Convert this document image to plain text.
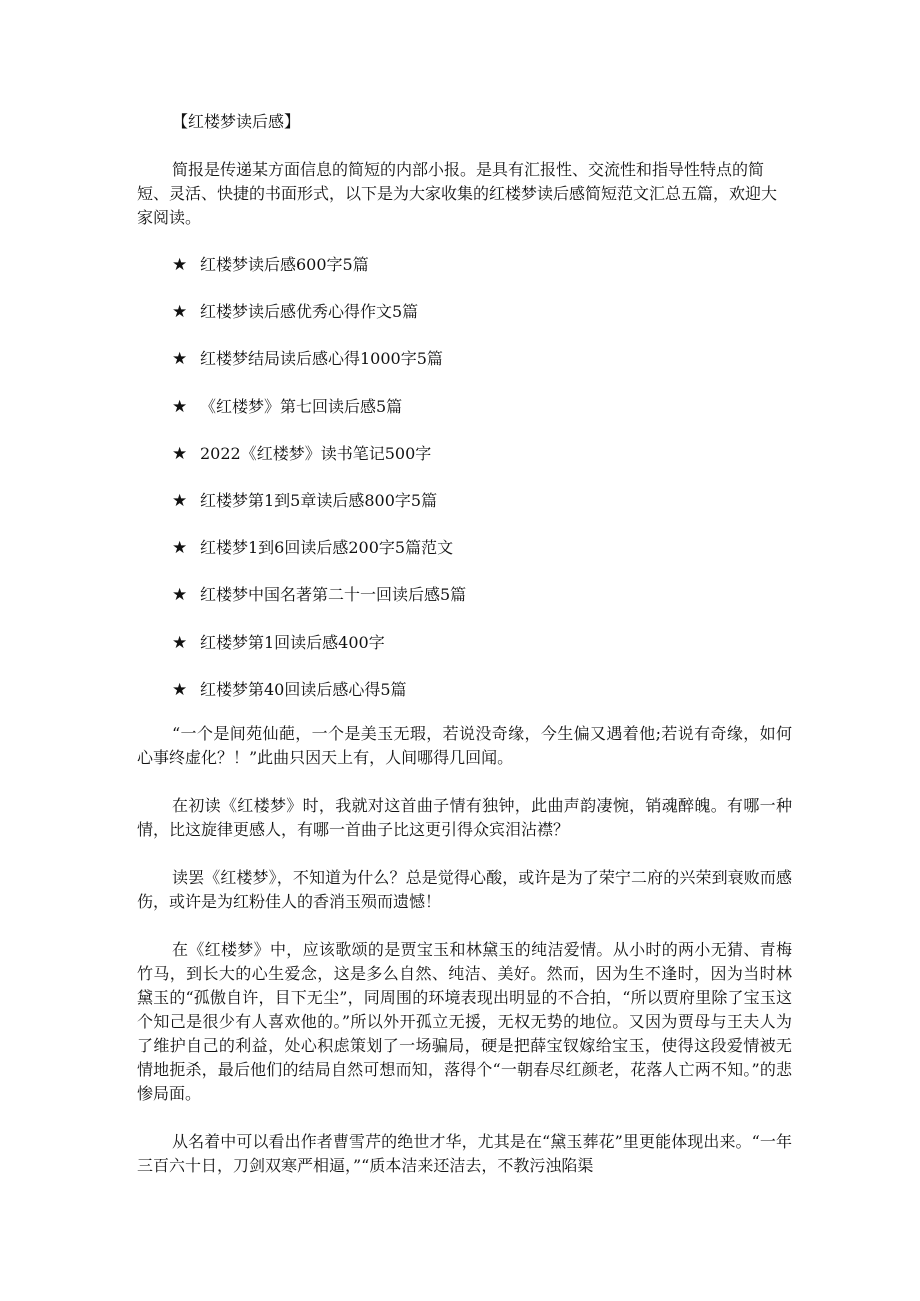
【红楼梦读后感】

简报是传递某方面信息的简短的内部小报。是具有汇报性、交流性和指导性特点的简短、灵活、快捷的书面形式，以下是为大家收集的红楼梦读后感简短范文汇总五篇，欢迎大家阅读。

★ 红楼梦读后感600字5篇
★ 红楼梦读后感优秀心得作文5篇
★ 红楼梦结局读后感心得1000字5篇
★ 《红楼梦》第七回读后感5篇
★ 2022《红楼梦》读书笔记500字
★ 红楼梦第1到5章读后感800字5篇
★ 红楼梦1到6回读后感200字5篇范文
★ 红楼梦中国名著第二十一回读后感5篇
★ 红楼梦第1回读后感400字
★ 红楼梦第40回读后感心得5篇

“一个是间苑仙葩，一个是美玉无瑕，若说没奇缘，今生偏又遇着他;若说有奇缘，如何心事终虚化？！”此曲只因天上有，人间哪得几回闻。

在初读《红楼梦》时，我就对这首曲子情有独钟，此曲声韵凄惋，销魂醉魄。有哪一种情，比这旋律更感人，有哪一首曲子比这更引得众宾泪沾襟？

读罢《红楼梦》，不知道为什么？总是觉得心酸，或许是为了荣宁二府的兴荣到衰败而感伤，或许是为红粉佳人的香消玉殒而遗憾！

在《红楼梦》中，应该歌颂的是贾宝玉和林黛玉的纯洁爱情。从小时的两小无猜、青梅竹马，到长大的心生爱念，这是多么自然、纯洁、美好。然而，因为生不逢时，因为当时林黛玉的“孤傲自许，目下无尘”，同周围的环境表现出明显的不合拍，“所以贾府里除了宝玉这个知己是很少有人喜欢他的。”所以外开孤立无援，无权无势的地位。又因为贾母与王夫人为了维护自己的利益，处心积虑策划了一场骗局，硬是把薛宝钗嫁给宝玉，使得这段爱情被无情地扼杀，最后他们的结局自然可想而知，落得个“一朝春尽红颜老，花落人亡两不知。”的悲惨局面。

从名着中可以看出作者曹雪芹的绝世才华，尤其是在“黛玉葬花”里更能体现出来。“一年三百六十日，刀剑双寒严相逼，”“质本洁来还洁去，不教污浊陷渠
